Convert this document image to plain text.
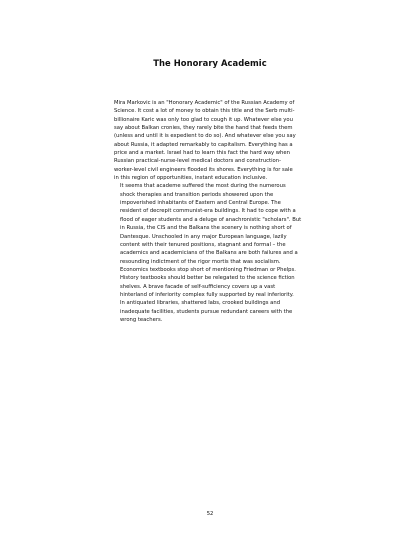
The Honorary Academic

Mira Markovic is an "Honorary Academic" of the Russian Academy of
Science. It cost a lot of money to obtain this title and the Serb multi-
billionaire Karic was only too glad to cough it up. Whatever else you
say about Balkan cronies, they rarely bite the hand that feeds them
(unless and until it is expedient to do so). And whatever else you say
about Russia, it adapted remarkably to capitalism. Everything has a
price and a market. Israel had to learn this fact the hard way when
Russian practical-nurse-level medical doctors and construction-
worker-level civil engineers flooded its shores. Everything is for sale
in this region of opportunities, instant education inclusive.

It seems that academe suffered the most during the numerous
shock therapies and transition periods showered upon the
impoverished inhabitants of Eastern and Central Europe. The
resident of decrepit communist-era buildings. It had to cope with a
flood of eager students and a deluge of anachronistic "scholars". But
in Russia, the CIS and the Balkans the scenery is nothing short of
Dantesque. Unschooled in any major European language, lazily
content with their tenured positions, stagnant and formal – the
academics and academicians of the Balkans are both failures and a
resounding indictment of the rigor mortis that was socialism.
Economics textbooks stop short of mentioning Friedman or Phelps.
History textbooks should better be relegated to the science fiction
shelves. A brave facade of self-sufficiency covers up a vast
hinterland of inferiority complex fully supported by real inferiority.
In antiquated libraries, shattered labs, crooked buildings and
inadequate facilities, students pursue redundant careers with the
wrong teachers.

52
